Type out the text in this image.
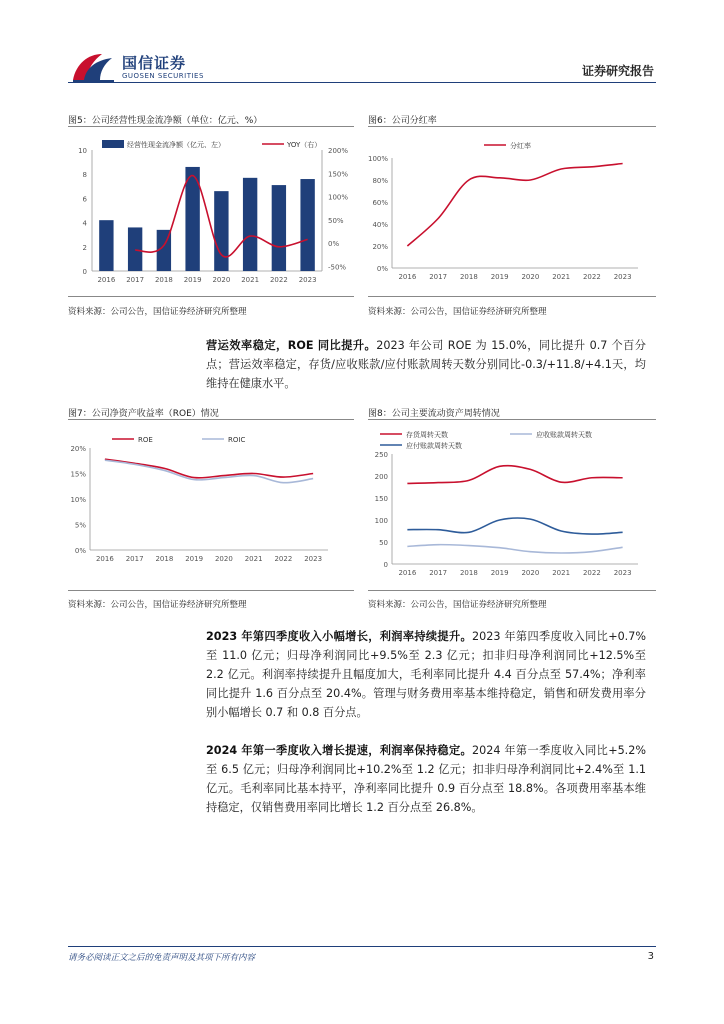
国信证券
GUOSEN SECURITIES	证券研究报告
图5：公司经营性现金流净额（单位：亿元、%）
0
2
4
6
8
10
-50%
0%
50%
100%
150%
200%
2016 2017 2018 2019 2020 2021 2022 2023
经营性现金流净额（亿元、左）	YOY（右）
资料来源：公司公告，国信证券经济研究所整理
图6：公司分红率
0%
20%
40%
60%
80%
100%
2016 2017 2018 2019 2020 2021 2022 2023
分红率
资料来源：公司公告，国信证券经济研究所整理
营运效率稳定，ROE 同比提升。2023 年公司 ROE 为 15.0%，同比提升 0.7 个百分点；营运效率稳定，存货/应收账款/应付账款周转天数分别同比-0.3/+11.8/+4.1天，均维持在健康水平。
图7：公司净资产收益率（ROE）情况
0%
5%
10%
15%
20%
2016 2017 2018 2019 2020 2021 2022 2023
ROE	ROIC
资料来源：公司公告，国信证券经济研究所整理
图8：公司主要流动资产周转情况
0
50
100
150
200
250
2016 2017 2018 2019 2020 2021 2022 2023
存货周转天数	应收账款周转天数
应付账款周转天数
资料来源：公司公告，国信证券经济研究所整理
2023 年第四季度收入小幅增长，利润率持续提升。2023 年第四季度收入同比+0.7%至 11.0 亿元；归母净利润同比+9.5%至 2.3 亿元；扣非归母净利润同比+12.5%至 2.2 亿元。利润率持续提升且幅度加大，毛利率同比提升 4.4 百分点至 57.4%；净利率同比提升 1.6 百分点至 20.4%。管理与财务费用率基本维持稳定，销售和研发费用率分别小幅增长 0.7 和 0.8 百分点。
2024 年第一季度收入增长提速，利润率保持稳定。2024 年第一季度收入同比+5.2%至 6.5 亿元；归母净利润同比+10.2%至 1.2 亿元；扣非归母净利润同比+2.4%至 1.1 亿元。毛利率同比基本持平，净利率同比提升 0.9 百分点至 18.8%。各项费用率基本维持稳定，仅销售费用率同比增长 1.2 百分点至 26.8%。
请务必阅读正文之后的免责声明及其项下所有内容	3
